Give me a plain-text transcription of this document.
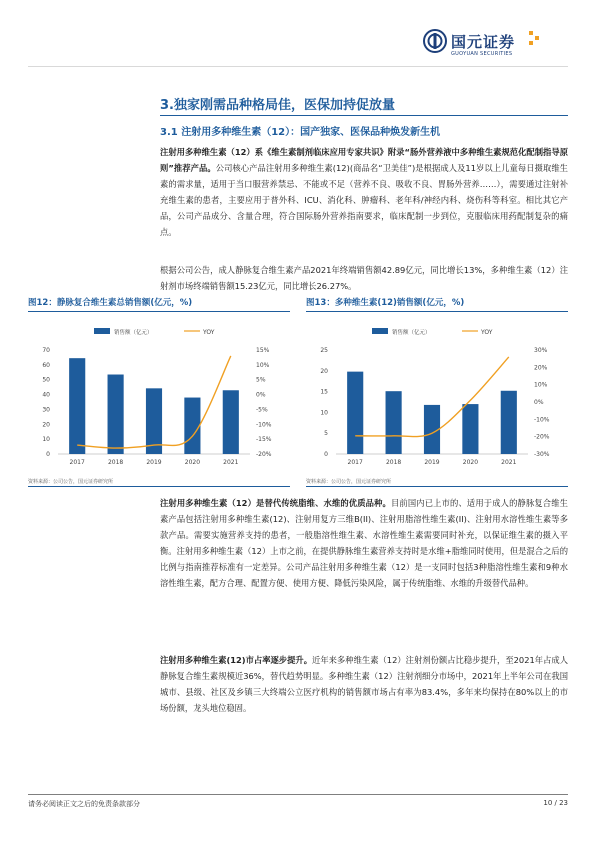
国元证券
GUOYUAN SECURITIES
3.独家刚需品种格局佳，医保加持促放量
3.1 注射用多种维生素（12）：国产独家、医保品种焕发新生机
注射用多种维生素（12）系《维生素制剂临床应用专家共识》附录“肠外营养液中多种维生素规范化配制指导原则”推荐产品。公司核心产品注射用多种维生素(12)(商品名“卫美佳”)是根据成人及11岁以上儿童每日摄取维生素的需求量，适用于当口服营养禁忌、不能或不足（营养不良、吸收不良、胃肠外营养……），需要通过注射补充维生素的患者，主要应用于普外科、ICU、消化科、肿瘤科、老年科/神经内科、烧伤科等科室。相比其它产品，公司产品成分、含量合理，符合国际肠外营养指南要求，临床配制一步到位，克服临床用药配制复杂的痛点。
根据公司公告，成人静脉复合维生素产品2021年终端销售额42.89亿元，同比增长13%，多种维生素（12）注射剂市场终端销售额15.23亿元，同比增长26.27%。
图12：静脉复合维生素总销售额(亿元，%)	图13：多种维生素(12)销售额(亿元，%)
销售额（亿元）	YOY
0
10
20
30
40
50
60
70
-20%
-15%
-10%
-5%
0%
5%
10%
15%
2017	2018	2019	2020	2021
销售额（亿元）	YOY
0
5
10
15
20
25
-30%
-20%
-10%
0%
10%
20%
30%
2017	2018	2019	2020	2021
资料来源：公司公告，国元证券研究所	资料来源：公司公告，国元证券研究所
注射用多种维生素（12）是替代传统脂维、水维的优质品种。目前国内已上市的、适用于成人的静脉复合维生素产品包括注射用多种维生素(12)、注射用复方三维B(II)、注射用脂溶性维生素(II)、注射用水溶性维生素等多款产品。需要实施营养支持的患者，一般脂溶性维生素、水溶性维生素需要同时补充，以保证维生素的摄入平衡。注射用多种维生素（12）上市之前，在提供静脉维生素营养支持时是水维+脂维同时使用，但是混合之后的比例与指南推荐标准有一定差异。公司产品注射用多种维生素（12）是一支同时包括3种脂溶性维生素和9种水溶性维生素，配方合理、配置方便、使用方便、降低污染风险，属于传统脂维、水维的升级替代品种。
注射用多种维生素(12)市占率逐步提升。近年来多种维生素（12）注射剂份额占比稳步提升，至2021年占成人静脉复合维生素规模近36%，替代趋势明显。多种维生素（12）注射剂细分市场中，2021年上半年公司在我国城市、县级、社区及乡镇三大终端公立医疗机构的销售额市场占有率为83.4%，多年来均保持在80%以上的市场份额，龙头地位稳固。
请务必阅读正文之后的免责条款部分	10 / 23
